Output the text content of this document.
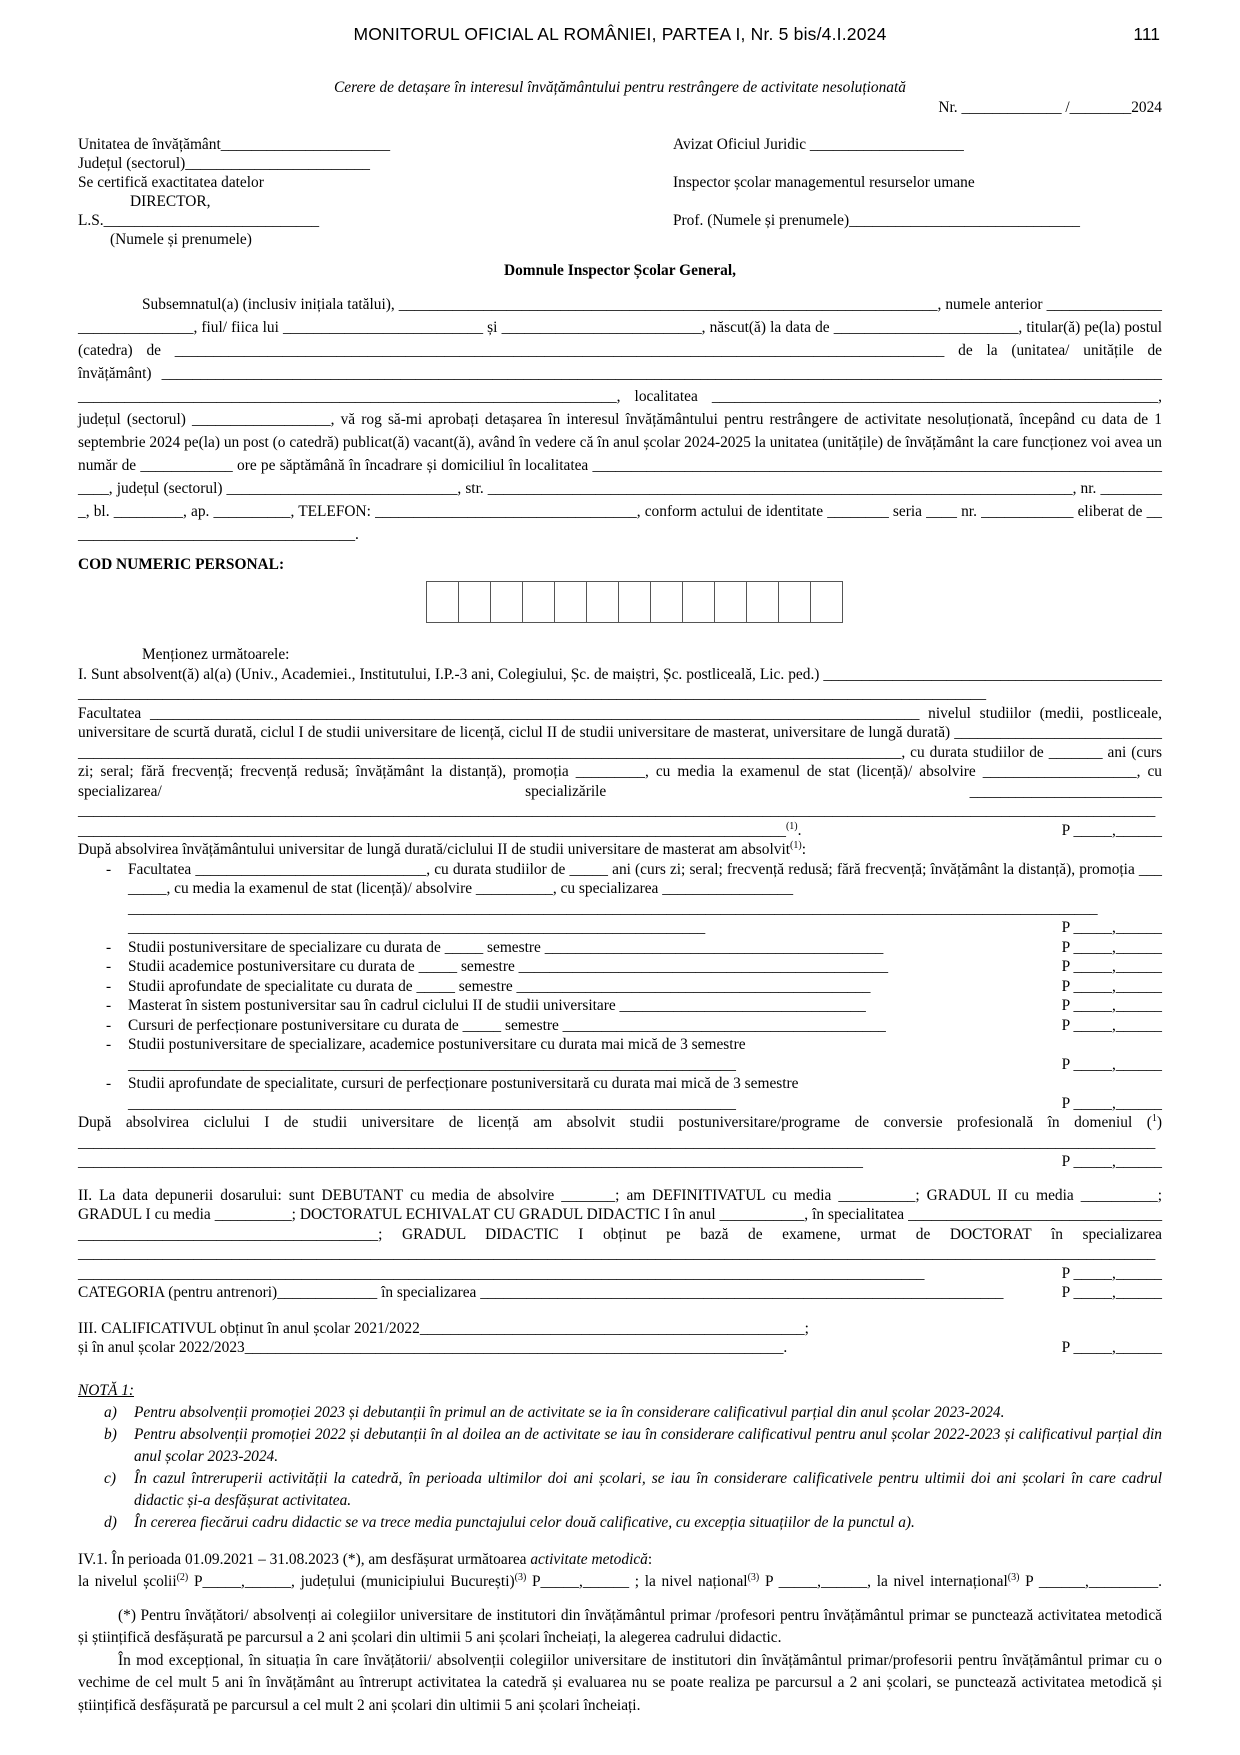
MONITORUL OFICIAL AL ROMÂNIEI, PARTEA I, Nr. 5 bis/4.I.2024	111
Cerere de detașare în interesul învățământului pentru restrângere de activitate nesoluționată
Nr. _____________ /________2024
Unitatea de învățământ______________________
Județul (sectorul)________________________
Se certifică exactitatea datelor
DIRECTOR,
L.S.____________________________
(Numele și prenumele)
Avizat Oficiul Juridic ____________________
Inspector școlar managementul resurselor umane
Prof. (Numele și prenumele)______________________________
Domnule Inspector Școlar General,

Subsemnatul(a) (inclusiv inițiala tatălui), ______________________________________________________________________, numele anterior ______________________________, fiul/ fiica lui __________________________ și __________________________, născut(ă) la data de ________________________, titular(ă) pe(la) postul (catedra) de ____________________________________________________________________________________________________ de la (unitatea/ unitățile de învățământ) ________________________________________________________________________________________________________________________________________________________________________________________________________, localitatea __________________________________________________________, județul (sectorul) __________________, vă rog să-mi aprobați detașarea în interesul învățământului pentru restrângere de activitate nesoluționată, începând cu data de 1 septembrie 2024 pe(la) un post (o catedră) publicat(ă) vacant(ă), având în vedere că în anul școlar 2024-2025 la unitatea (unitățile) de învățământ la care funcționez voi avea un număr de ____________ ore pe săptămână în încadrare și domiciliul în localitatea ______________________________________________________________________________, județul (sectorul) ______________________________, str. ____________________________________________________________________________, nr. _________, bl. _________, ap. __________, TELEFON: __________________________________, conform actului de identitate ________ seria ____ nr. ____________ eliberat de ______________________________________.

COD NUMERIC PERSONAL:

Menționez următoarele:

I. Sunt absolvent(ă) al(a) (Univ., Academiei., Institutului, I.P.-3 ani, Colegiului, Șc. de maiștri, Șc. postliceală, Lic. ped.) __________________________________________________________________________________________________________________________________________________________________

Facultatea ____________________________________________________________________________________________________ nivelul studiilor (medii, postliceale, universitare de scurtă durată, ciclul I de studii universitare de licență, ciclul II de studii universitare de masterat, universitare de lungă durată) ______________________________________________________________________________________________________________________________________, cu durata studiilor de _______ ani (curs zi; seral; fără frecvență; frecvență redusă; învățământ la distanță), promoția _________, cu media la examenul de stat (licență)/ absolvire ____________________, cu specializarea/ specializările _________________________

________________________________________________________________________________________________________________________________________________________________________________________________________________________________________$^{(1)}$.	P _____,______

După absolvirea învățământului universitar de lungă durată/ciclului II de studii universitare de masterat am absolvit$^{(1)}$:

-	Facultatea ______________________________, cu durata studiilor de _____ ani (curs zi; seral; frecvență redusă; fără frecvență; învățământ la distanță), promoția ________, cu media la examenul de stat (licență)/ absolvire __________, cu specializarea _________________
______________________________________________________________________________________________________________________________
___________________________________________________________________________	P _____,______
-	Studii postuniversitare de specializare cu durata de _____ semestre ____________________________________________	P _____,______
-	Studii academice postuniversitare cu durata de _____ semestre ________________________________________________	P _____,______
-	Studii aprofundate de specialitate cu durata de _____ semestre ______________________________________________	P _____,______
-	Masterat în sistem postuniversitar sau în cadrul ciclului II de studii universitare ________________________________	P _____,______
-	Cursuri de perfecționare postuniversitare cu durata de _____ semestre __________________________________________	P _____,______
-	Studii postuniversitare de specializare, academice postuniversitare cu durata mai mică de 3 semestre
_______________________________________________________________________________	P _____,______
-	Studii aprofundate de specialitate, cursuri de perfecționare postuniversitară cu durata mai mică de 3 semestre
_______________________________________________________________________________	P _____,______

După absolvirea ciclului I de studii universitare de licență am absolvit studii postuniversitare/programe de conversie profesională în domeniul ($^1$)

__________________________________________________________________________________________________________________________________________________________________________________________________________________________________________________	P _____,______

II. La data depunerii dosarului: sunt DEBUTANT cu media de absolvire _______; am DEFINITIVATUL cu media __________; GRADUL II cu media __________; GRADUL I cu media __________; DOCTORATUL ECHIVALAT CU GRADUL DIDACTIC I în anul ___________, în specialitatea ________________________________________________________________________; GRADUL DIDACTIC I obținut pe bază de examene, urmat de DOCTORAT în specializarea

__________________________________________________________________________________________________________________________________________________________________________________________________________________________________________________________	P _____,______
CATEGORIA (pentru antrenori)_____________ în specializarea ____________________________________________________________________	P _____,______

III. CALIFICATIVUL obținut în anul școlar 2021/2022__________________________________________________;

și în anul școlar 2022/2023______________________________________________________________________.	P _____,______
NOTĂ 1:
a)	Pentru absolvenții promoției 2023 și debutanții în primul an de activitate se ia în considerare calificativul parțial din anul școlar 2023-2024.
b)	Pentru absolvenții promoției 2022 și debutanții în al doilea an de activitate se iau în considerare calificativul pentru anul școlar 2022-2023 și calificativul parțial din anul școlar 2023-2024.
c)	În cazul întreruperii activității la catedră, în perioada ultimilor doi ani școlari, se iau în considerare calificativele pentru ultimii doi ani școlari în care cadrul didactic și-a desfășurat activitatea.
d)	În cererea fiecărui cadru didactic se va trece media punctajului celor două calificative, cu excepția situațiilor de la punctul a).

IV.1. În perioada 01.09.2021 – 31.08.2023 (*), am desfășurat următoarea activitate metodică:

la nivelul școlii$^{(2)}$ P_____,______, județului (municipiului București)$^{(3)}$ P_____,______ ; la nivel național$^{(3)}$ P _____,______, la nivel internațional$^{(3)}$ P ______,_________.

(*) Pentru învățători/ absolvenți ai colegiilor universitare de institutori din învățământul primar /profesori pentru învățământul primar se punctează activitatea metodică și științifică desfășurată pe parcursul a 2 ani școlari din ultimii 5 ani școlari încheiați, la alegerea cadrului didactic.

În mod excepțional, în situația în care învățătorii/ absolvenții colegiilor universitare de institutori din învățământul primar/profesorii pentru învățământul primar cu o vechime de cel mult 5 ani în învățământ au întrerupt activitatea la catedră și evaluarea nu se poate realiza pe parcursul a 2 ani școlari, se punctează activitatea metodică și științifică desfășurată pe parcursul a cel mult 2 ani școlari din ultimii 5 ani școlari încheiați.
